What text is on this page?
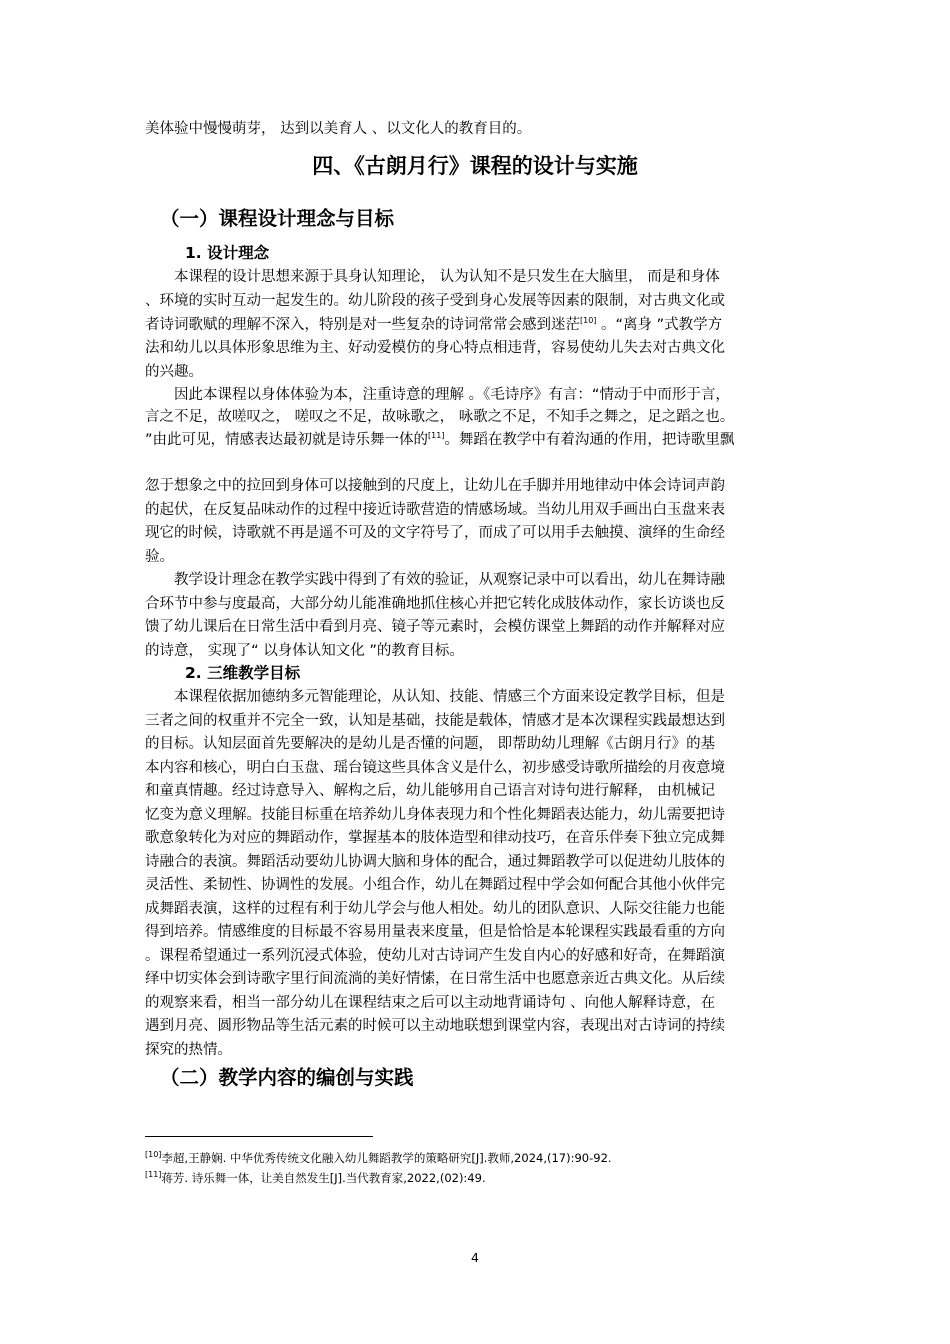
美体验中慢慢萌芽， 达到以美育人 、以文化人的教育目的。
四、《古朗月行》课程的设计与实施
（一）课程设计理念与目标
1. 设计理念
　　本课程的设计思想来源于具身认知理论， 认为认知不是只发生在大脑里， 而是和身体
、环境的实时互动一起发生的。幼儿阶段的孩子受到身心发展等因素的限制，对古典文化或
者诗词歌赋的理解不深入，特别是对一些复杂的诗词常常会感到迷茫[10] 。“离身 ”式教学方
法和幼儿以具体形象思维为主、好动爱模仿的身心特点相违背，容易使幼儿失去对古典文化
的兴趣。
　　因此本课程以身体体验为本，注重诗意的理解 。《毛诗序》有言：“情动于中而形于言，
言之不足，故嗟叹之， 嗟叹之不足，故咏歌之， 咏歌之不足，不知手之舞之，足之蹈之也。
”由此可见，情感表达最初就是诗乐舞一体的[11]。舞蹈在教学中有着沟通的作用，把诗歌里飘
忽于想象之中的拉回到身体可以接触到的尺度上，让幼儿在手脚并用地律动中体会诗词声韵
的起伏，在反复品味动作的过程中接近诗歌营造的情感场域。当幼儿用双手画出白玉盘来表
现它的时候，诗歌就不再是遥不可及的文字符号了，而成了可以用手去触摸、演绎的生命经
验。
　　教学设计理念在教学实践中得到了有效的验证，从观察记录中可以看出，幼儿在舞诗融
合环节中参与度最高，大部分幼儿能准确地抓住核心并把它转化成肢体动作，家长访谈也反
馈了幼儿课后在日常生活中看到月亮、镜子等元素时，会模仿课堂上舞蹈的动作并解释对应
的诗意， 实现了“ 以身体认知文化 ”的教育目标。
2. 三维教学目标
　　本课程依据加德纳多元智能理论，从认知、技能、情感三个方面来设定教学目标，但是
三者之间的权重并不完全一致，认知是基础，技能是载体，情感才是本次课程实践最想达到
的目标。认知层面首先要解决的是幼儿是否懂的问题， 即帮助幼儿理解《古朗月行》的基
本内容和核心，明白白玉盘、瑶台镜这些具体含义是什么，初步感受诗歌所描绘的月夜意境
和童真情趣。经过诗意导入、解构之后，幼儿能够用自己语言对诗句进行解释， 由机械记
忆变为意义理解。技能目标重在培养幼儿身体表现力和个性化舞蹈表达能力，幼儿需要把诗
歌意象转化为对应的舞蹈动作，掌握基本的肢体造型和律动技巧，在音乐伴奏下独立完成舞
诗融合的表演。舞蹈活动要幼儿协调大脑和身体的配合，通过舞蹈教学可以促进幼儿肢体的
灵活性、柔韧性、协调性的发展。小组合作，幼儿在舞蹈过程中学会如何配合其他小伙伴完
成舞蹈表演，这样的过程有利于幼儿学会与他人相处。幼儿的团队意识、人际交往能力也能
得到培养。情感维度的目标最不容易用量表来度量，但是恰恰是本轮课程实践最看重的方向
。课程希望通过一系列沉浸式体验，使幼儿对古诗词产生发自内心的好感和好奇，在舞蹈演
绎中切实体会到诗歌字里行间流淌的美好情愫，在日常生活中也愿意亲近古典文化。从后续
的观察来看，相当一部分幼儿在课程结束之后可以主动地背诵诗句 、向他人解释诗意，在
遇到月亮、圆形物品等生活元素的时候可以主动地联想到课堂内容，表现出对古诗词的持续
探究的热情。
（二）教学内容的编创与实践
[10]李超,王静娴. 中华优秀传统文化融入幼儿舞蹈教学的策略研究[J].教师,2024,(17):90-92.
[11]蒋芳. 诗乐舞一体，让美自然发生[J].当代教育家,2022,(02):49.
4
